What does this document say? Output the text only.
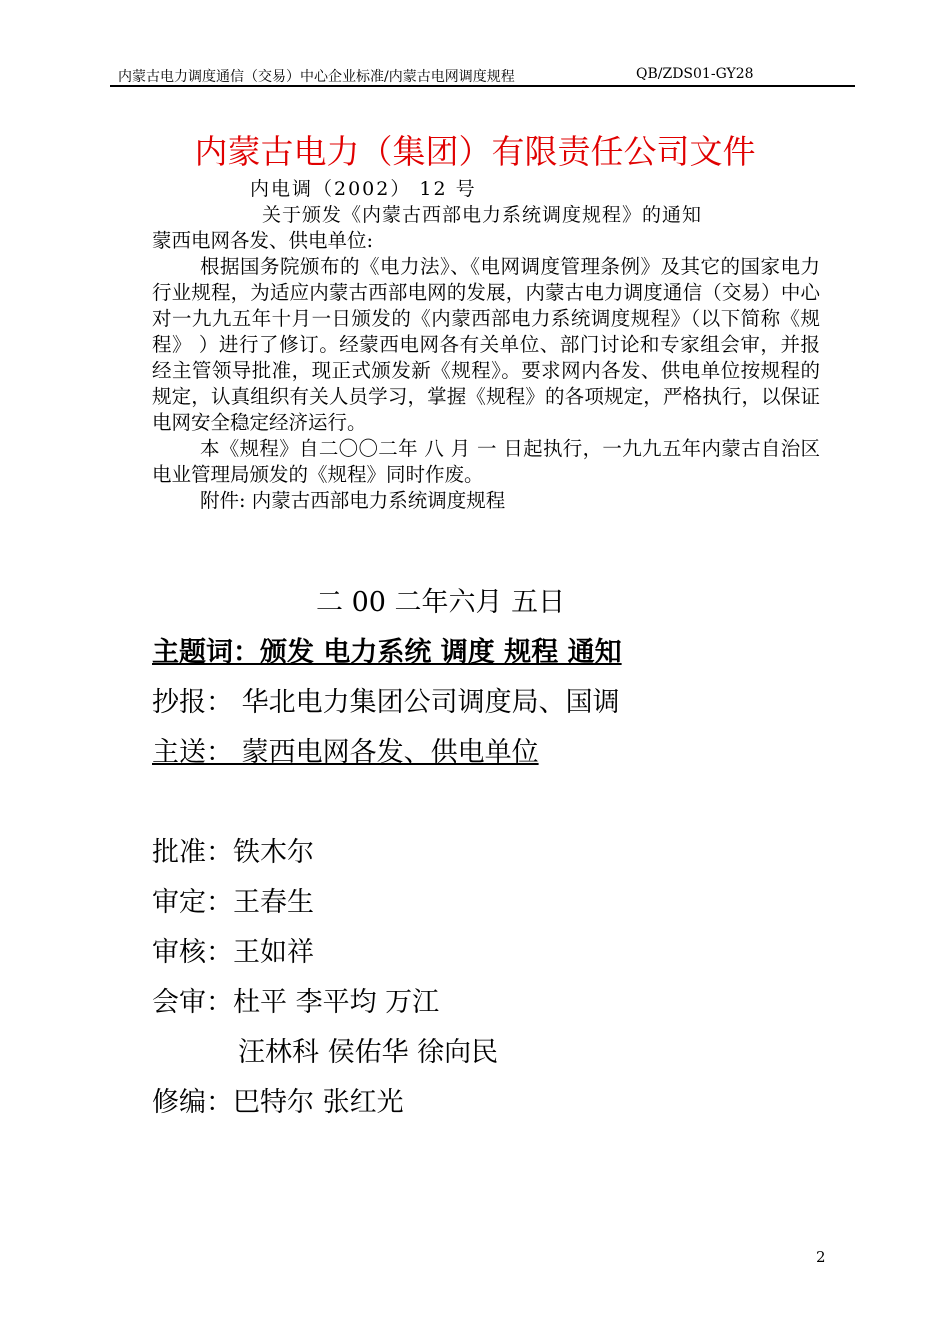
内蒙古电力调度通信（交易）中心企业标准/内蒙古电网调度规程	QB/ZDS01-GY28
内蒙古电力（集团）有限责任公司文件
内电调（2002） 12 号
关于颁发《内蒙古西部电力系统调度规程》的通知

蒙西电网各发、供电单位:

根据国务院颁布的《电力法》、《电网调度管理条例》及其它的国家电力行业规程，为适应内蒙古西部电网的发展，内蒙古电力调度通信（交易）中心对一九九五年十月一日颁发的《内蒙西部电力系统调度规程》（以下简称《规程》 ）进行了修订。经蒙西电网各有关单位、部门讨论和专家组会审，并报经主管领导批准，现正式颁发新《规程》。要求网内各发、供电单位按规程的规定，认真组织有关人员学习，掌握《规程》的各项规定，严格执行，以保证电网安全稳定经济运行。

本《规程》自二〇〇二年 八 月 一 日起执行，一九九五年内蒙古自治区电业管理局颁发的《规程》同时作废。

附件: 内蒙古西部电力系统调度规程

二 00 二年六月 五日
主题词：颁发 电力系统 调度 规程 通知
抄报： 华北电力集团公司调度局、国调
主送： 蒙西电网各发、供电单位
批准：铁木尔
审定：王春生
审核：王如祥
会审：杜平 李平均 万江
汪林科 侯佑华 徐向民
修编：巴特尔 张红光
2
